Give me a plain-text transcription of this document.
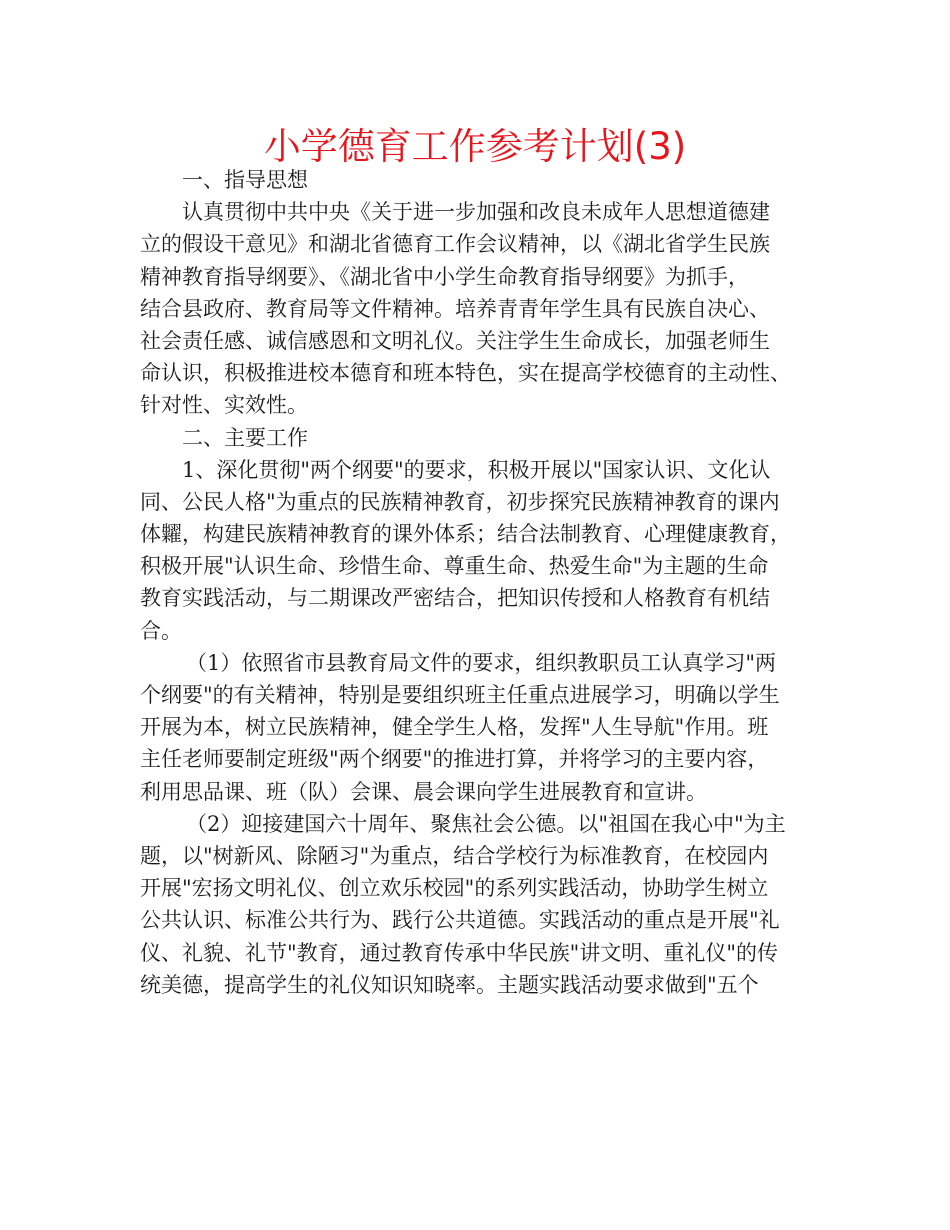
小学德育工作参考计划(3)
一、指导思想
认真贯彻中共中央《关于进一步加强和改良未成年人思想道德建
立的假设干意见》和湖北省德育工作会议精神，以《湖北省学生民族
精神教育指导纲要》、《湖北省中小学生命教育指导纲要》为抓手，
结合县政府、教育局等文件精神。培养青青年学生具有民族自决心、
社会责任感、诚信感恩和文明礼仪。关注学生生命成长，加强老师生
命认识，积极推进校本德育和班本特色，实在提高学校德育的主动性、
针对性、实效性。
二、主要工作
1、深化贯彻"两个纲要"的要求，积极开展以"国家认识、文化认
同、公民人格"为重点的民族精神教育，初步探究民族精神教育的课内
体糶，构建民族精神教育的课外体系；结合法制教育、心理健康教育，
积极开展"认识生命、珍惜生命、尊重生命、热爱生命"为主题的生命
教育实践活动，与二期课改严密结合，把知识传授和人格教育有机结
合。
（1）依照省市县教育局文件的要求，组织教职员工认真学习"两
个纲要"的有关精神，特别是要组织班主任重点进展学习，明确以学生
开展为本，树立民族精神，健全学生人格，发挥"人生导航"作用。班
主任老师要制定班级"两个纲要"的推进打算，并将学习的主要内容，
利用思品课、班（队）会课、晨会课向学生进展教育和宣讲。
（2）迎接建国六十周年、聚焦社会公德。以"祖国在我心中"为主
题，以"树新风、除陋习"为重点，结合学校行为标准教育，在校园内
开展"宏扬文明礼仪、创立欢乐校园"的系列实践活动，协助学生树立
公共认识、标准公共行为、践行公共道德。实践活动的重点是开展"礼
仪、礼貌、礼节"教育，通过教育传承中华民族"讲文明、重礼仪"的传
统美德，提高学生的礼仪知识知晓率。主题实践活动要求做到"五个
